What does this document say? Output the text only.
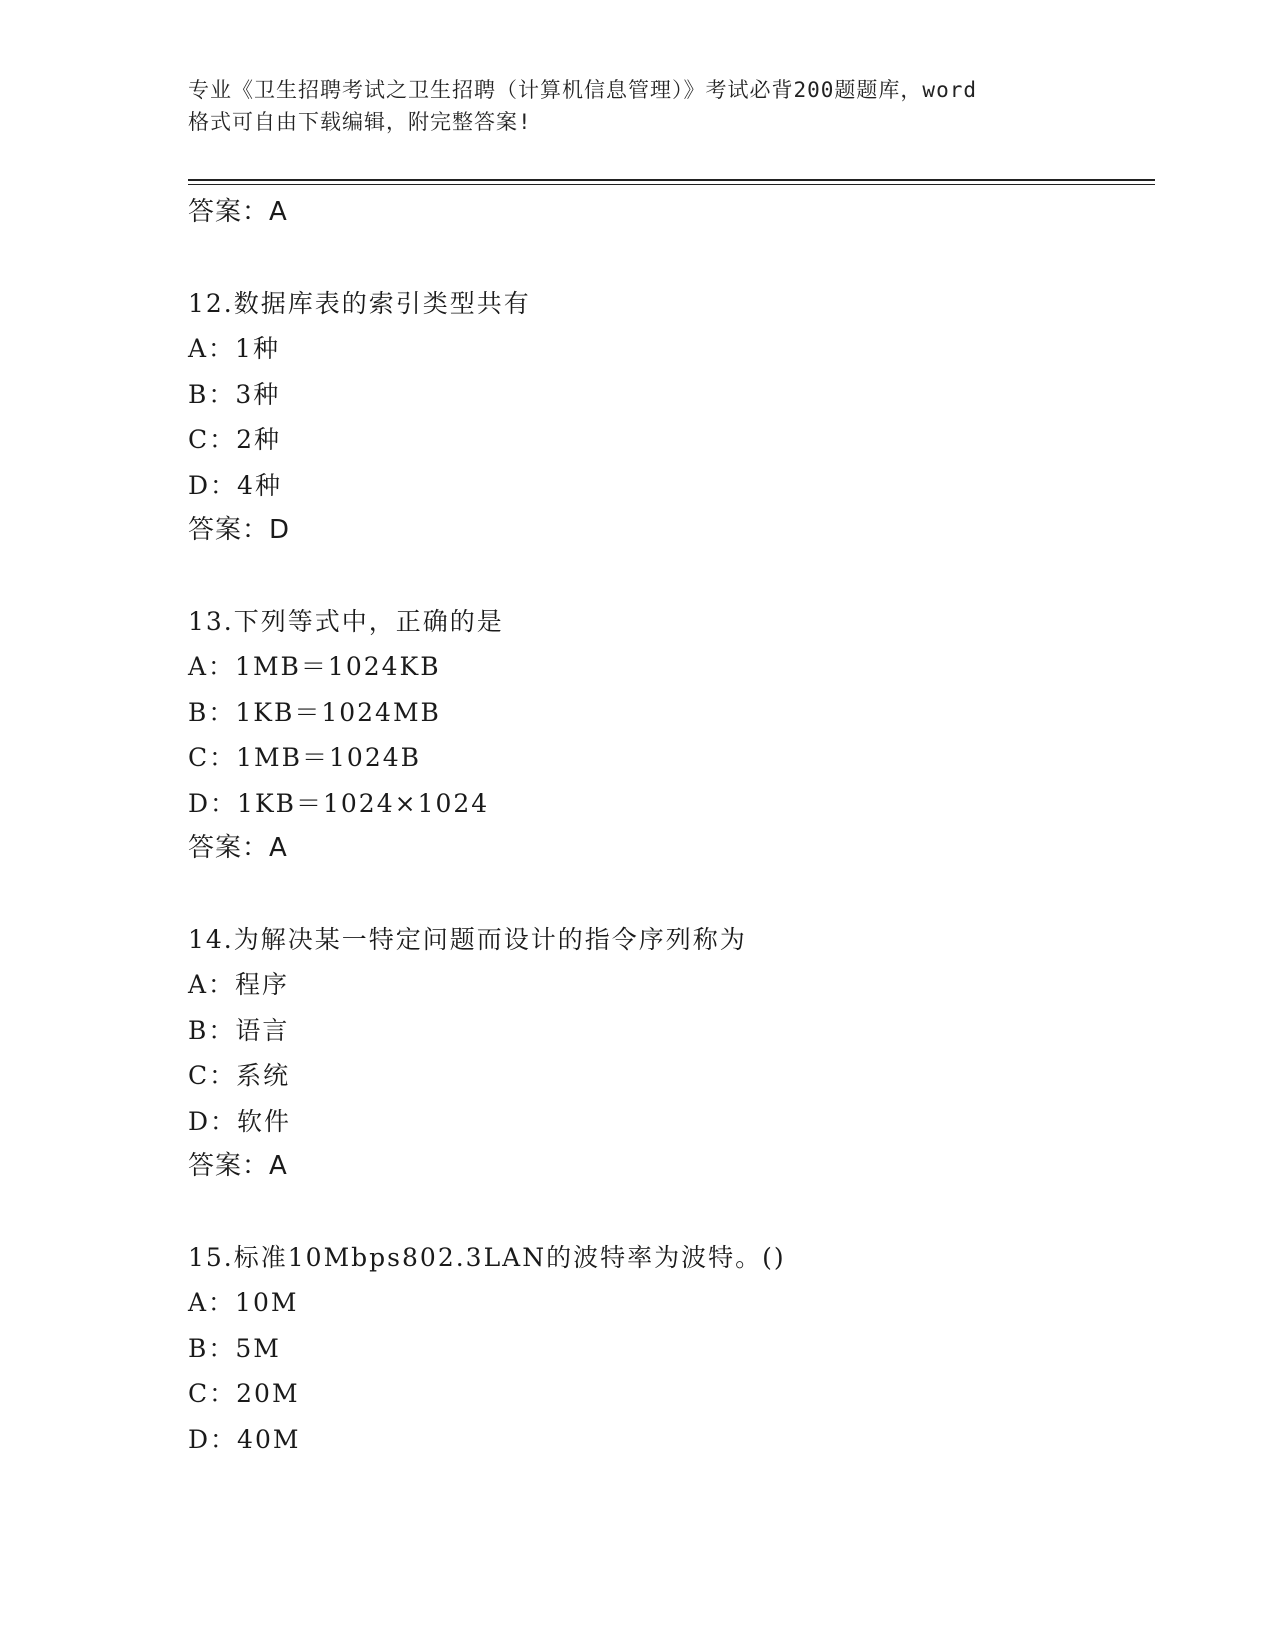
专业《卫生招聘考试之卫生招聘（计算机信息管理）》考试必背200题题库，word

格式可自由下载编辑，附完整答案!

答案：A
12.数据库表的索引类型共有
A：1种
B：3种
C：2种
D：4种
答案：D
13.下列等式中，正确的是
A：1MB＝1024KB
B：1KB＝1024MB
C：1MB＝1024B
D：1KB＝1024×1024
答案：A
14.为解决某一特定问题而设计的指令序列称为
A：程序
B：语言
C：系统
D：软件
答案：A
15.标准10Mbps802.3LAN的波特率为波特。()
A：10M
B：5M
C：20M
D：40M
